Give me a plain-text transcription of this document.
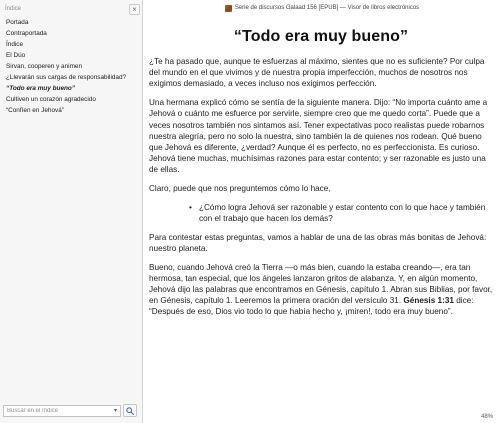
Índice	×
Portada
Contraportada
Índice
El Dúo
Sirvan, cooperen y animen
¿Llevarán sus cargas de responsabilidad?
“Todo era muy bueno”
Cultiven un corazón agradecido
“Confíen en Jehová”
Buscar en el índice
▾
Serie de discursos Galaad 156 [EPUB] — Visor de libros electrónicos
“Todo era muy bueno”

¿Te ha pasado que, aunque te esfuerzas al máximo, sientes que no es suficiente? Por culpa del mundo en el que vivimos y de nuestra propia imperfección, muchos de nosotros nos exigimos demasiado, a veces incluso nos exigimos perfección.

Una hermana explicó cómo se sentía de la siguiente manera. Dijo: “No importa cuánto ame a Jehová o cuánto me esfuerce por servirle, siempre creo que me quedo corta”. Puede que a veces nosotros también nos sintamos así. Tener expectativas poco realistas puede robarnos nuestra alegría, pero no solo la nuestra, sino también la de quienes nos rodean. Qué bueno que Jehová es diferente, ¿verdad? Aunque él es perfecto, no es perfeccionista. Es curioso. Jehová tiene muchas, muchísimas razones para estar contento; y ser razonable es justo una de ellas.

Claro, puede que nos preguntemos cómo lo hace,

• ¿Cómo logra Jehová ser razonable y estar contento con lo que hace y también con el trabajo que hacen los demás?

Para contestar estas preguntas, vamos a hablar de una de las obras más bonitas de Jehová: nuestro planeta.

Bueno, cuando Jehová creó la Tierra —o más bien, cuando la estaba creando—, era tan hermosa, tan especial, que los ángeles lanzaron gritos de alabanza. Y, en algún momento, Jehová dijo las palabras que encontramos en Génesis, capítulo 1. Abran sus Biblias, por favor, en Génesis, capítulo 1. Leeremos la primera oración del versículo 31. Génesis 1:31 dice: “Después de eso, Dios vio todo lo que había hecho y, ¡miren!, todo era muy bueno”.

48%
